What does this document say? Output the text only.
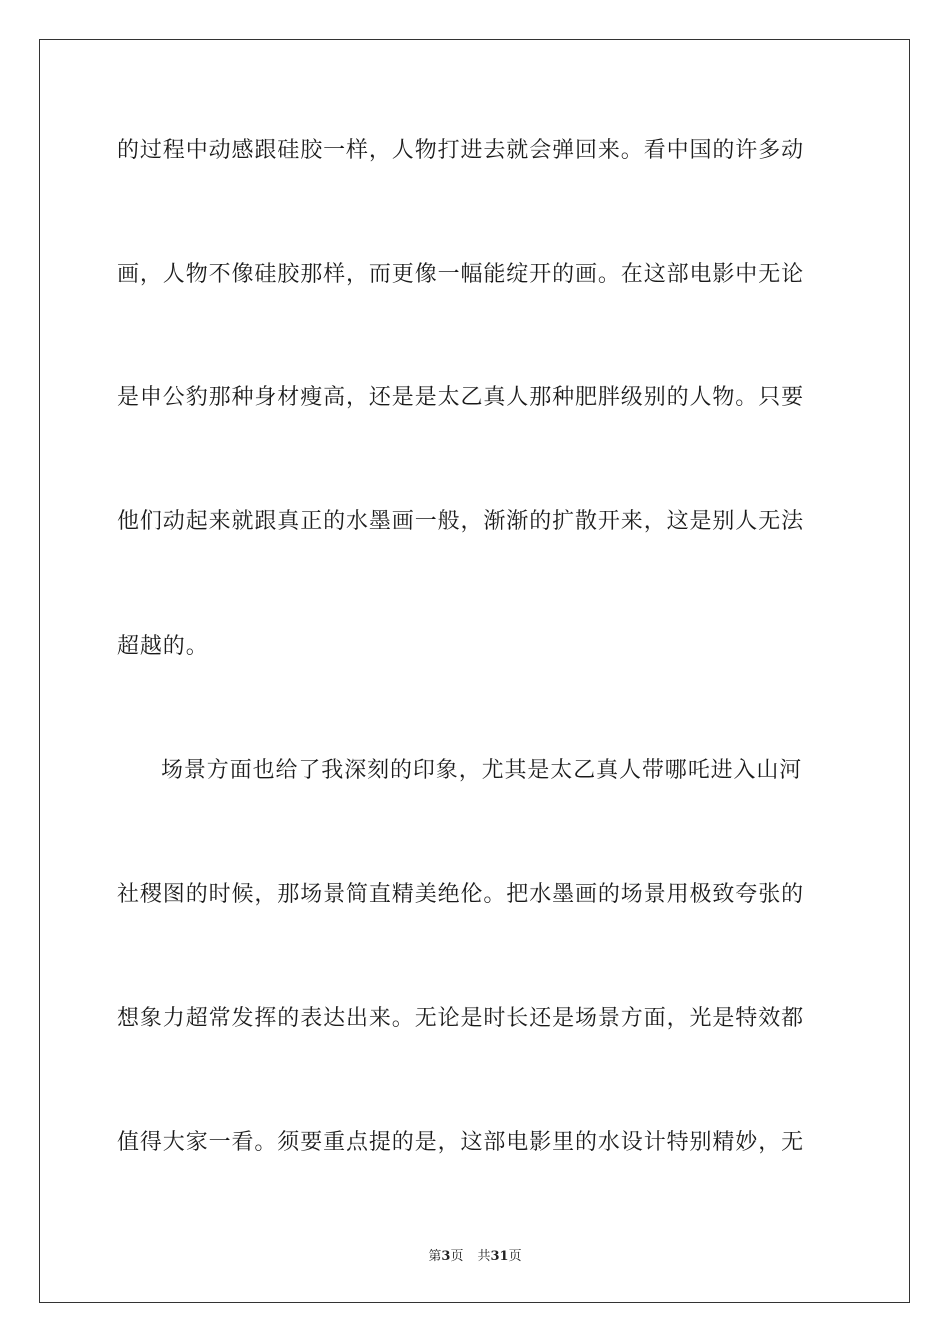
的过程中动感跟硅胶一样，人物打进去就会弹回来。看中国的许多动
画，人物不像硅胶那样，而更像一幅能绽开的画。在这部电影中无论
是申公豹那种身材瘦高，还是是太乙真人那种肥胖级别的人物。只要
他们动起来就跟真正的水墨画一般，渐渐的扩散开来，这是别人无法
超越的。
场景方面也给了我深刻的印象，尤其是太乙真人带哪吒进入山河
社稷图的时候，那场景简直精美绝伦。把水墨画的场景用极致夸张的
想象力超常发挥的表达出来。无论是时长还是场景方面，光是特效都
值得大家一看。须要重点提的是，这部电影里的水设计特别精妙，无
第3页 共31页
